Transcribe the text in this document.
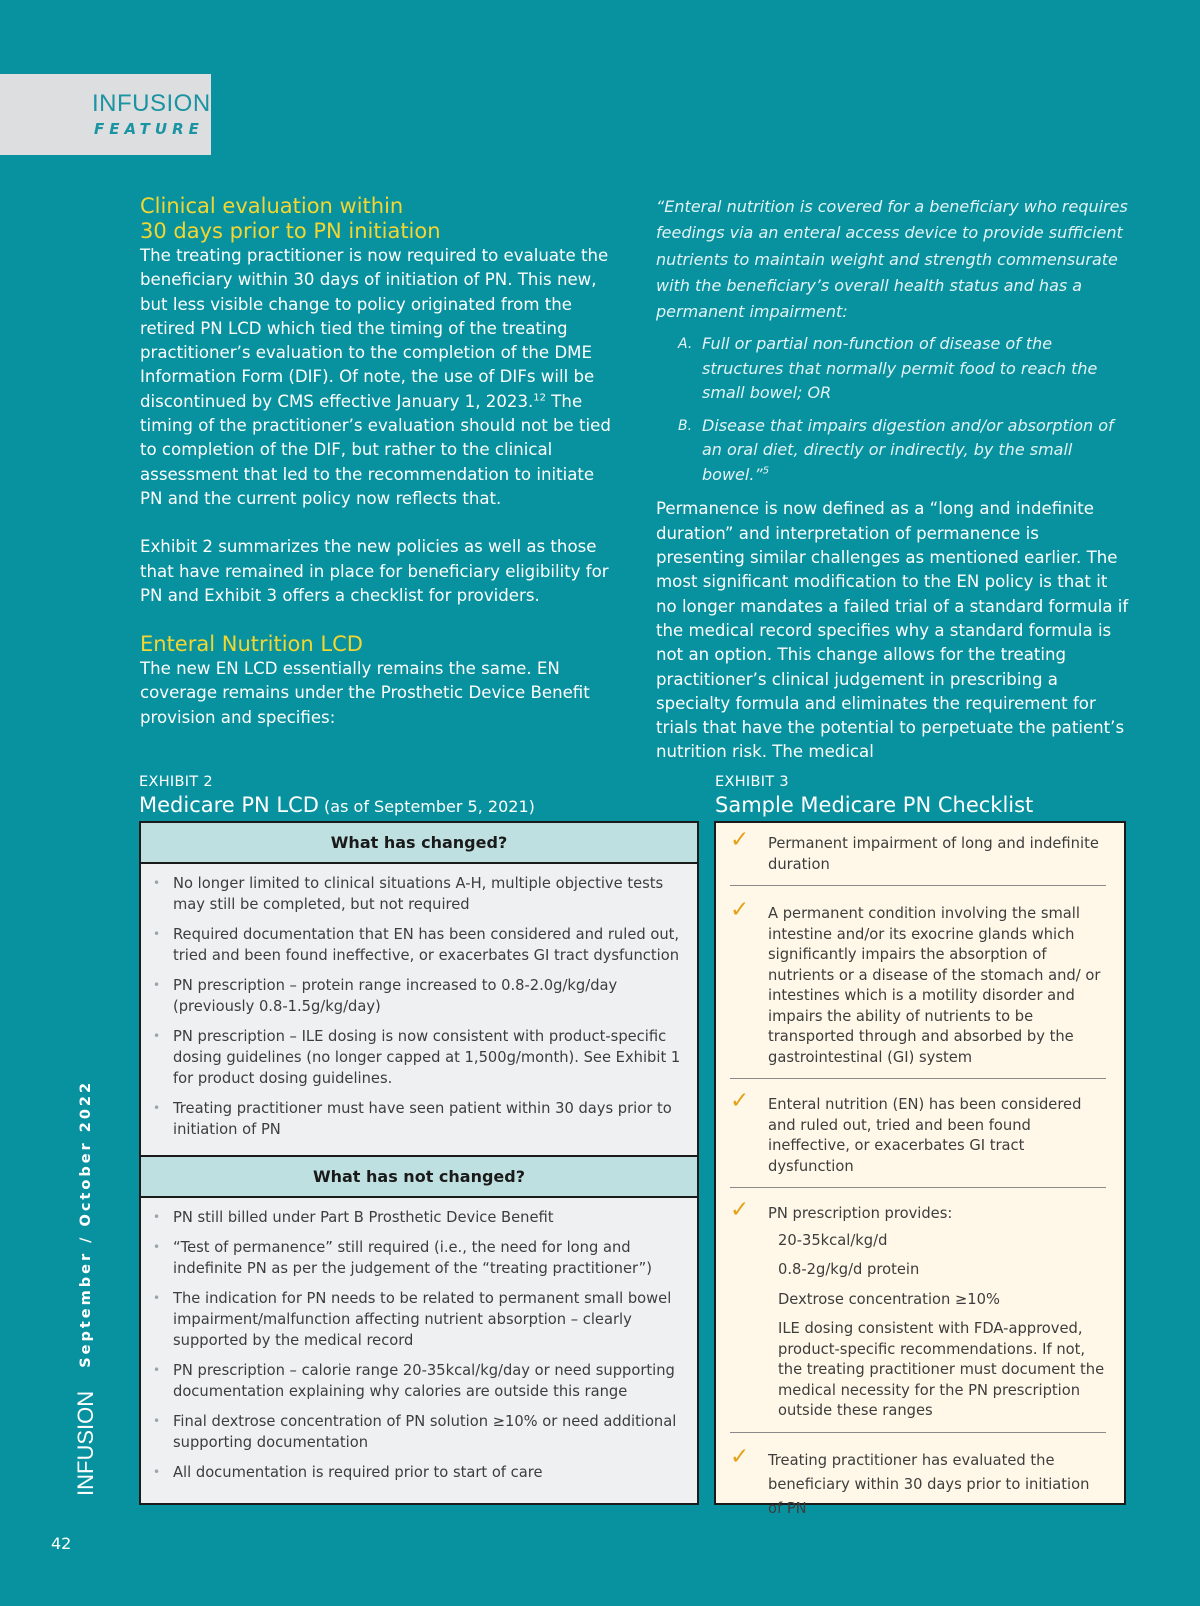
INFUSION
FEATURE
Clinical evaluation within
30 days prior to PN initiation

The treating practitioner is now required to evaluate the beneficiary within 30 days of initiation of PN. This new, but less visible change to policy originated from the retired PN LCD which tied the timing of the treating practitioner’s evaluation to the completion of the DME Information Form (DIF). Of note, the use of DIFs will be discontinued by CMS effective January 1, 2023.12 The timing of the practitioner’s evaluation should not be tied to completion of the DIF, but rather to the clinical assessment that led to the recommendation to initiate PN and the current policy now reflects that.

Exhibit 2 summarizes the new policies as well as those that have remained in place for beneficiary eligibility for PN and Exhibit 3 offers a checklist for providers.

Enteral Nutrition LCD

The new EN LCD essentially remains the same. EN coverage remains under the Prosthetic Device Benefit provision and specifies:

“Enteral nutrition is covered for a beneficiary who requires feedings via an enteral access device to provide sufficient nutrients to maintain weight and strength commensurate with the beneficiary’s overall health status and has a permanent impairment:
A. Full or partial non-function of disease of the structures that normally permit food to reach the small bowel; OR
B. Disease that impairs digestion and/or absorption of an oral diet, directly or indirectly, by the small bowel.”$^5$

Permanence is now defined as a “long and indefinite duration” and interpretation of permanence is presenting similar challenges as mentioned earlier. The most significant modification to the EN policy is that it no longer mandates a failed trial of a standard formula if the medical record specifies why a standard formula is not an option. This change allows for the treating practitioner’s clinical judgement in prescribing a specialty formula and eliminates the requirement for trials that have the potential to perpetuate the patient’s nutrition risk. The medical

EXHIBIT 2
Medicare PN LCD (as of September 5, 2021)
What has changed?
• No longer limited to clinical situations A-H, multiple objective tests may still be completed, but not required
• Required documentation that EN has been considered and ruled out, tried and been found ineffective, or exacerbates GI tract dysfunction
• PN prescription – protein range increased to 0.8-2.0g/kg/day (previously 0.8-1.5g/kg/day)
• PN prescription – ILE dosing is now consistent with product-specific dosing guidelines (no longer capped at 1,500g/month). See Exhibit 1 for product dosing guidelines.
• Treating practitioner must have seen patient within 30 days prior to initiation of PN
What has not changed?
• PN still billed under Part B Prosthetic Device Benefit
• “Test of permanence” still required (i.e., the need for long and indefinite PN as per the judgement of the “treating practitioner”)
• The indication for PN needs to be related to permanent small bowel impairment/malfunction affecting nutrient absorption – clearly supported by the medical record
• PN prescription – calorie range 20-35kcal/kg/day or need supporting documentation explaining why calories are outside this range
• Final dextrose concentration of PN solution ≥10% or need additional supporting documentation
• All documentation is required prior to start of care
EXHIBIT 3
Sample Medicare PN Checklist
✓ Permanent impairment of long and indefinite duration
✓ A permanent condition involving the small intestine and/or its exocrine glands which significantly impairs the absorption of nutrients or a disease of the stomach and/ or intestines which is a motility disorder and impairs the ability of nutrients to be transported through and absorbed by the gastrointestinal (GI) system
✓ Enteral nutrition (EN) has been considered and ruled out, tried and been found ineffective, or exacerbates GI tract dysfunction
✓ PN prescription provides:
20-35kcal/kg/d
0.8-2g/kg/d protein
Dextrose concentration ≥10%
ILE dosing consistent with FDA-approved, product-specific recommendations. If not, the treating practitioner must document the medical necessity for the PN prescription outside these ranges
✓ Treating practitioner has evaluated the beneficiary within 30 days prior to initiation of PN
INFUSION September / October 2022
42
